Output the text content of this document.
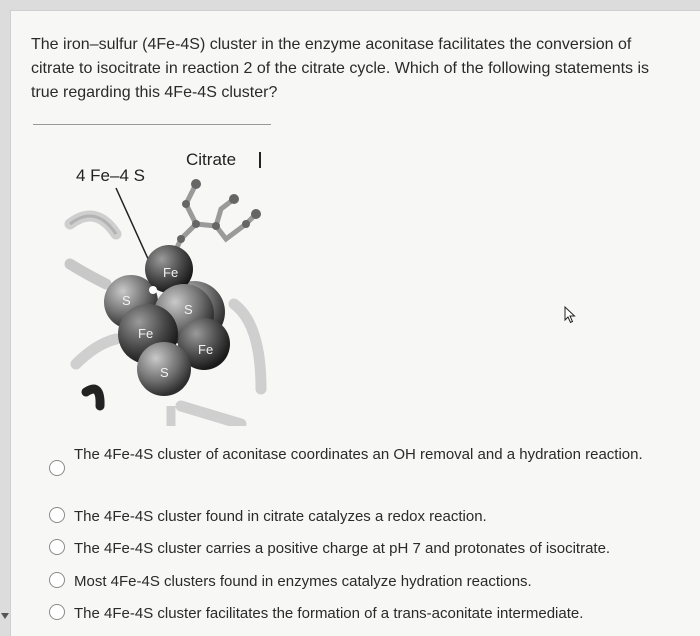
The iron–sulfur (4Fe-4S) cluster in the enzyme aconitase facilitates the conversion of citrate to isocitrate in reaction 2 of the citrate cycle. Which of the following statements is true regarding this 4Fe-4S cluster?
Fe
S
S
Fe
Fe
S
4 Fe–4 S
Citrate
The 4Fe-4S cluster of aconitase coordinates an OH removal and a hydration reaction.
The 4Fe-4S cluster found in citrate catalyzes a redox reaction.
The 4Fe-4S cluster carries a positive charge at pH 7 and protonates of isocitrate.
Most 4Fe-4S clusters found in enzymes catalyze hydration reactions.
The 4Fe-4S cluster facilitates the formation of a trans-aconitate intermediate.
